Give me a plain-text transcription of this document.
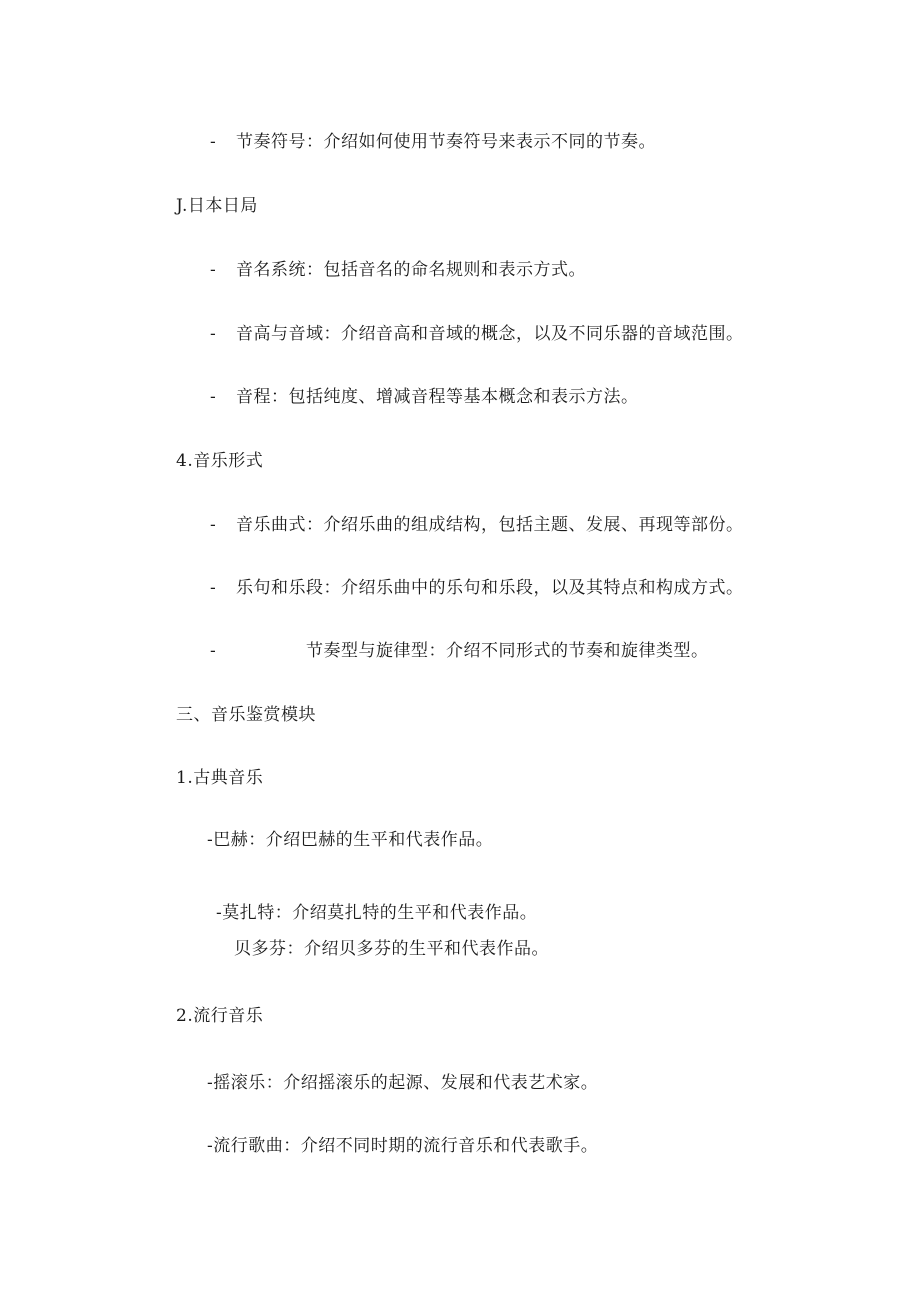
- 节奏符号：介绍如何使用节奏符号来表示不同的节奏。
J.日本日局
- 音名系统：包括音名的命名规则和表示方式。
- 音高与音域：介绍音高和音域的概念，以及不同乐器的音域范围。
- 音程：包括纯度、增减音程等基本概念和表示方法。
4.音乐形式
- 音乐曲式：介绍乐曲的组成结构，包括主题、发展、再现等部份。
- 乐句和乐段：介绍乐曲中的乐句和乐段，以及其特点和构成方式。
-	节奏型与旋律型：介绍不同形式的节奏和旋律类型。
三、音乐鉴赏模块
1.古典音乐
-巴赫：介绍巴赫的生平和代表作品。
-莫扎特：介绍莫扎特的生平和代表作品。
贝多芬：介绍贝多芬的生平和代表作品。
2.流行音乐
-摇滚乐：介绍摇滚乐的起源、发展和代表艺术家。
-流行歌曲：介绍不同时期的流行音乐和代表歌手。
